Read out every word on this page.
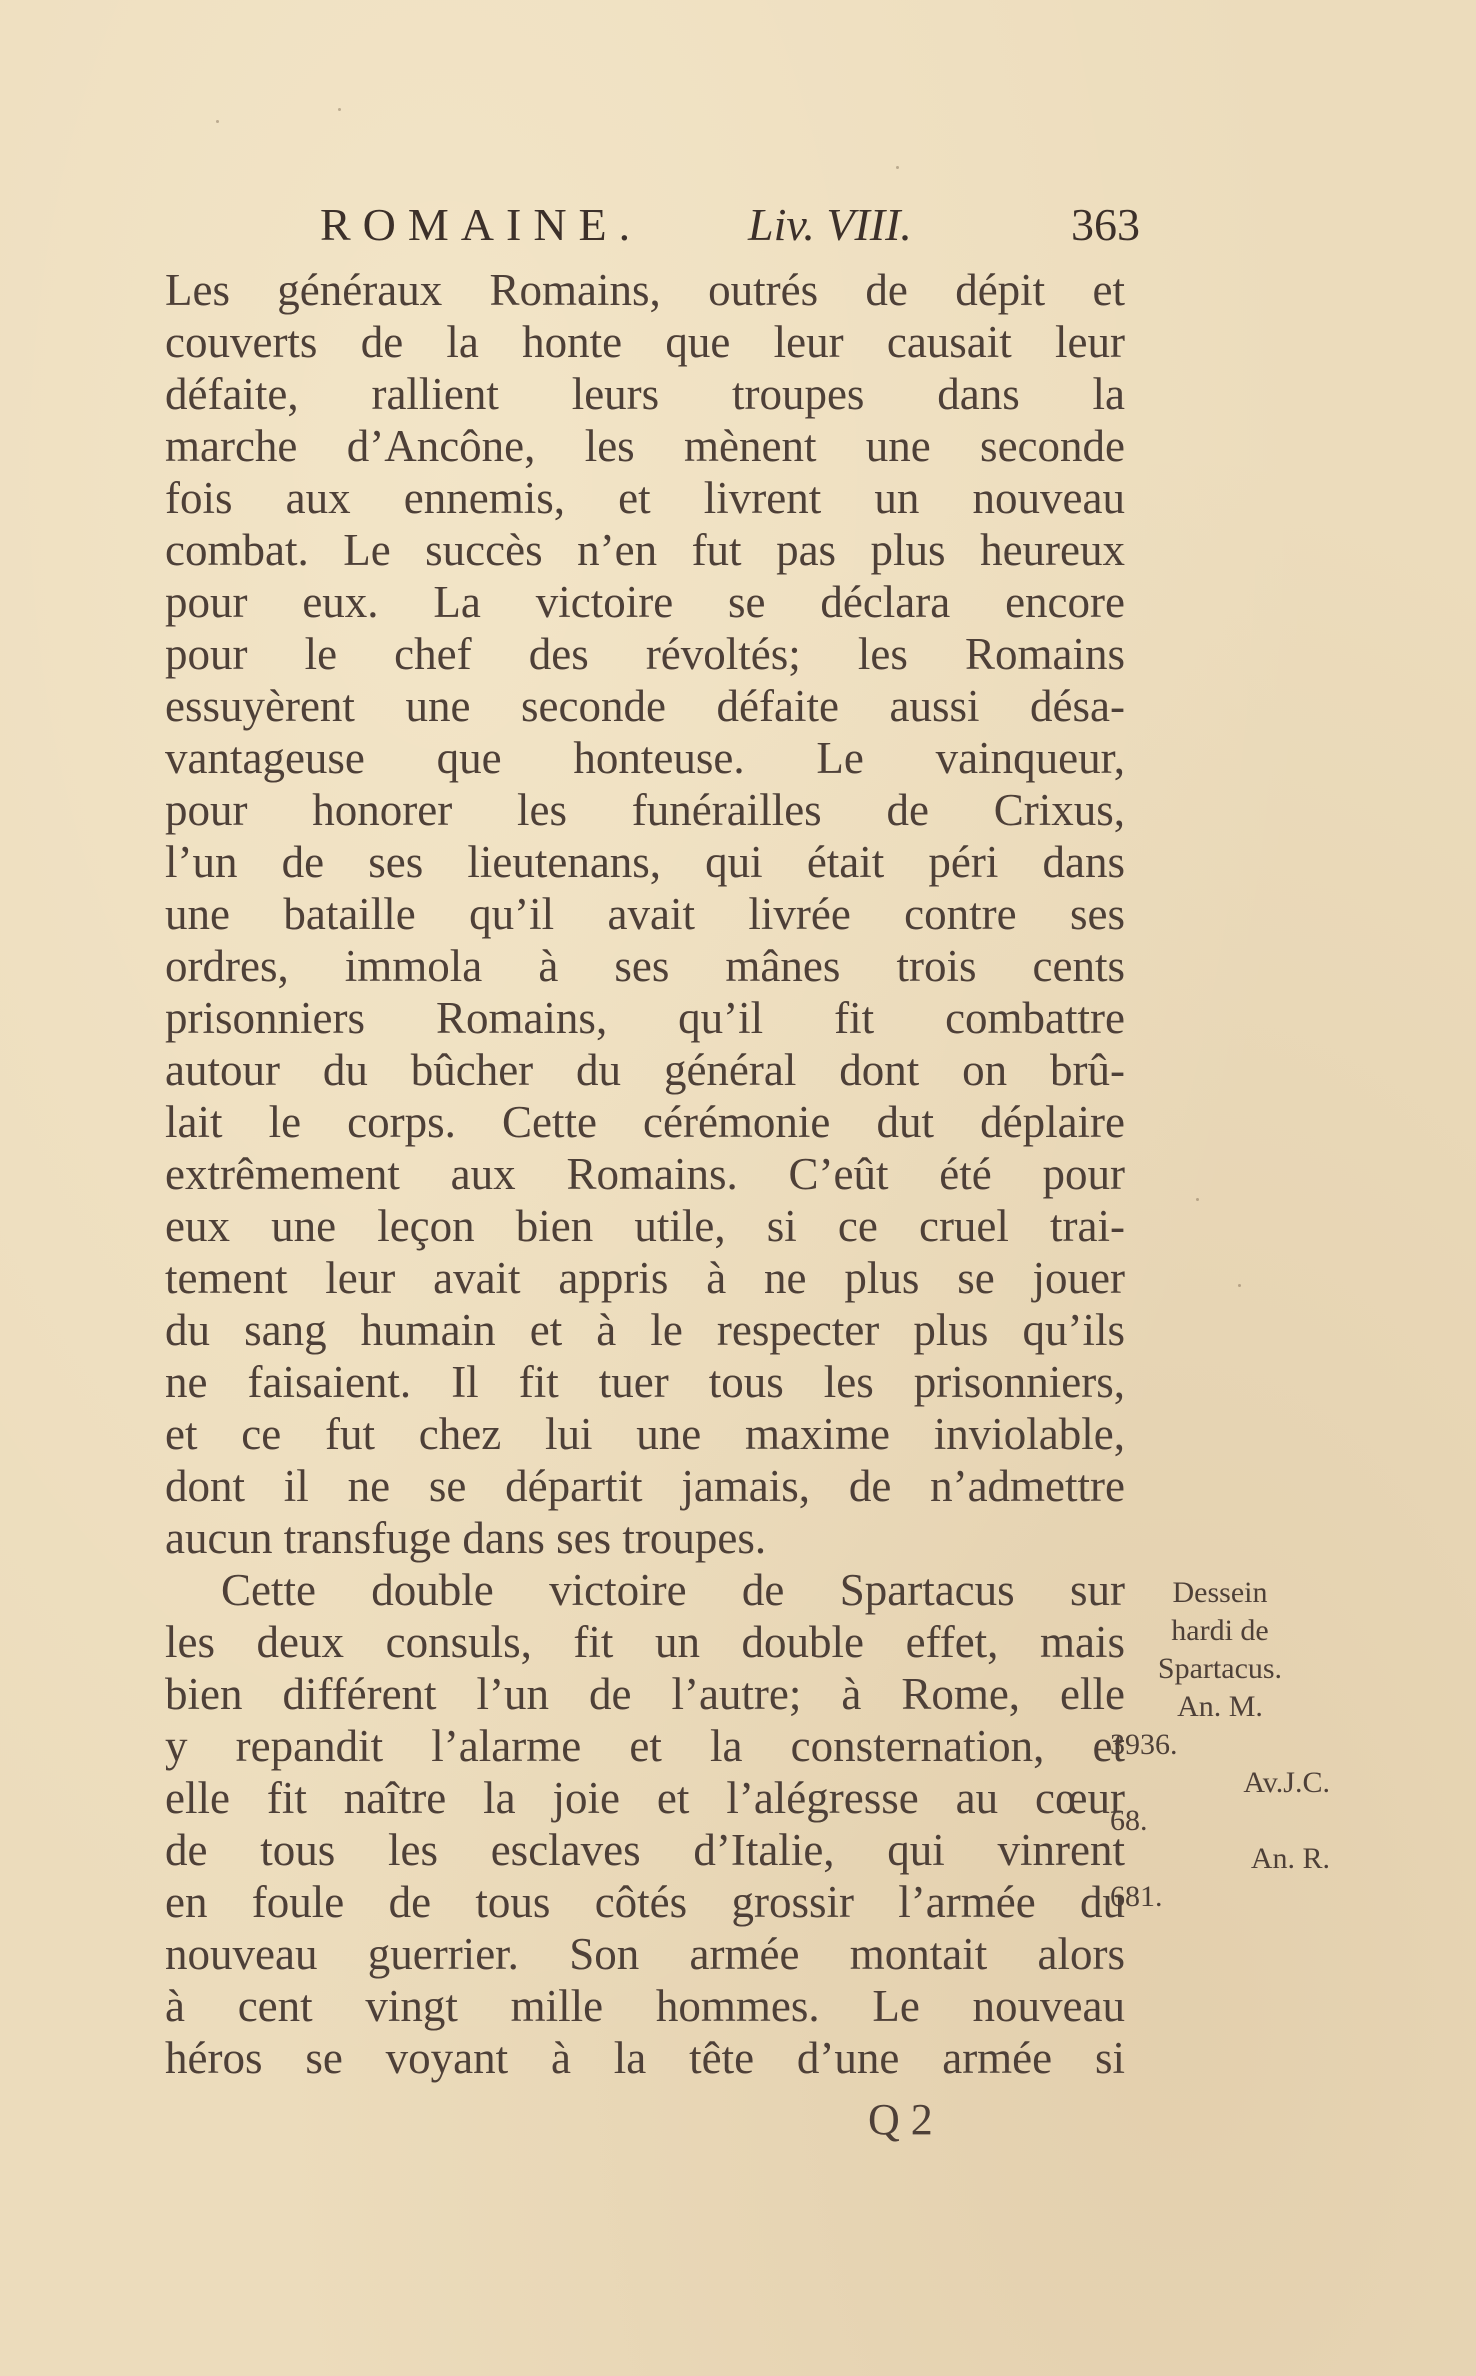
ROMAINE. Liv. VIII.	363
Les généraux Romains, outrés de dépit et
couverts de la honte que leur causait leur
défaite, rallient leurs troupes dans la
marche d’Ancône, les mènent une seconde
fois aux ennemis, et livrent un nouveau
combat. Le succès n’en fut pas plus heureux
pour eux. La victoire se déclara encore
pour le chef des révoltés; les Romains
essuyèrent une seconde défaite aussi désa-
vantageuse que honteuse. Le vainqueur,
pour honorer les funérailles de Crixus,
l’un de ses lieutenans, qui était péri dans
une bataille qu’il avait livrée contre ses
ordres, immola à ses mânes trois cents
prisonniers Romains, qu’il fit combattre
autour du bûcher du général dont on brû-
lait le corps. Cette cérémonie dut déplaire
extrêmement aux Romains. C’eût été pour
eux une leçon bien utile, si ce cruel trai-
tement leur avait appris à ne plus se jouer
du sang humain et à le respecter plus qu’ils
ne faisaient. Il fit tuer tous les prisonniers,
et ce fut chez lui une maxime inviolable,
dont il ne se départit jamais, de n’admettre
aucun transfuge dans ses troupes.
Cette double victoire de Spartacus sur
les deux consuls, fit un double effet, mais
bien différent l’un de l’autre; à Rome, elle
y repandit l’alarme et la consternation, et
elle fit naître la joie et l’alégresse au cœur
de tous les esclaves d’Italie, qui vinrent
en foule de tous côtés grossir l’armée du
nouveau guerrier. Son armée montait alors
à cent vingt mille hommes. Le nouveau
héros se voyant à la tête d’une armée si
Dessein
hardi de
Spartacus.
An. M.
3936.
Av.J.C.
68.
An. R.
681.
Q 2
